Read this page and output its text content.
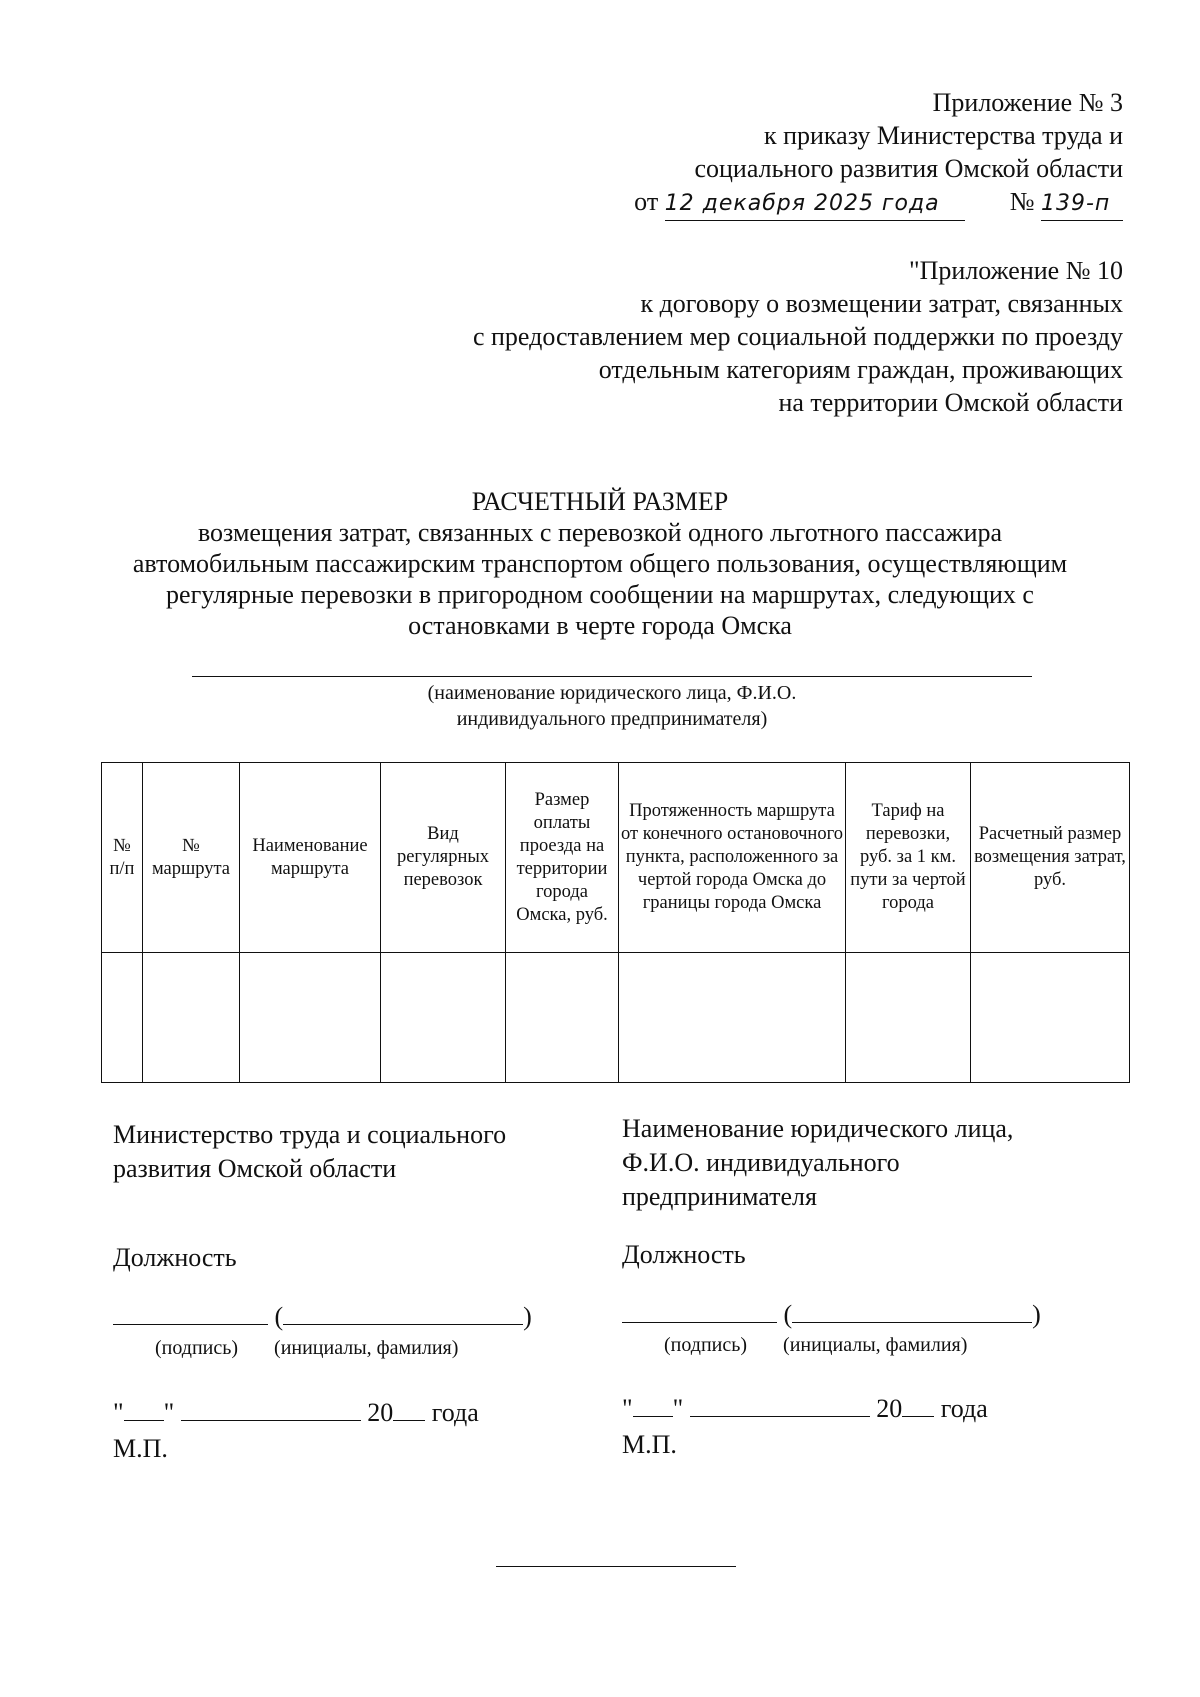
Приложение № 3
к приказу Министерства труда и
социального развития Омской области
от 12 декабря 2025 года	№ 139-п
"Приложение № 10
к договору о возмещении затрат, связанных
с предоставлением мер социальной поддержки по проезду
отдельным категориям граждан, проживающих
на территории Омской области
РАСЧЕТНЫЙ РАЗМЕР
возмещения затрат, связанных с перевозкой одного льготного пассажира
автомобильным пассажирским транспортом общего пользования, осуществляющим
регулярные перевозки в пригородном сообщении на маршрутах, следующих с
остановками в черте города Омска
(наименование юридического лица, Ф.И.О.
индивидуального предпринимателя)
№ п/п	№ маршрута	Наименование маршрута	Вид регулярных перевозок	Размер оплаты проезда на территории города Омска, руб.	Протяженность маршрута от конечного остановочного пункта, расположенного за чертой города Омска до границы города Омска	Тариф на перевозки, руб. за 1 км. пути за чертой города	Расчетный размер возмещения затрат, руб.

Министерство труда и социального
развития Омской области
Должность
(	)
(подпись) (инициалы, фамилия)
" "	20 года
М.П.
Наименование юридического лица,
Ф.И.О. индивидуального
предпринимателя
Должность
(	)
(подпись) (инициалы, фамилия)
" "	20 года
М.П.
